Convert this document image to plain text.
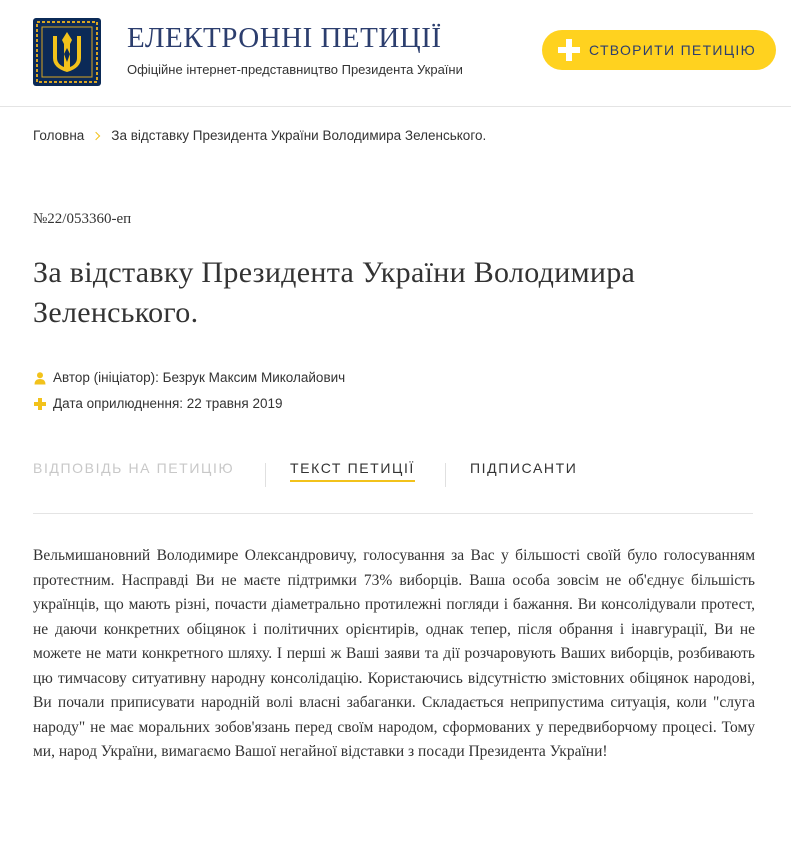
ЕЛЕКТРОННІ ПЕТИЦІЇ
Офіційне інтернет-представництво Президента України
СТВОРИТИ ПЕТИЦІЮ
Головна За відставку Президента України Володимира Зеленського.
№22/053360-еп
За відставку Президента України Володимира Зеленського.
Автор (ініціатор):
Безрук Максим Миколайович
Дата оприлюднення:
22 травня 2019
ВІДПОВІДЬ НА ПЕТИЦІЮ	ТЕКСТ ПЕТИЦІЇ	ПІДПИСАНТИ

Вельмишановний Володимире Олександровичу, голосування за Вас у більшості своїй було голосуванням протестним. Насправді Ви не маєте підтримки 73% виборців. Ваша особа зовсім не об'єднує більшість українців, що мають різні, почасти діаметрально протилежні погляди і бажання. Ви консолідували протест, не даючи конкретних обіцянок і політичних орієнтирів, однак тепер, після обрання і інавгурації, Ви не можете не мати конкретного шляху. І перші ж Ваші заяви та дії розчаровують Ваших виборців, розбивають цю тимчасову ситуативну народну консолідацію. Користаючись відсутністю змістовних обіцянок народові, Ви почали приписувати народній волі власні забаганки. Складається неприпустима ситуація, коли "слуга народу" не має моральних зобов'язань перед своїм народом, сформованих у передвиборчому процесі. Тому ми, народ України, вимагаємо Вашої негайної відставки з посади Президента України!
